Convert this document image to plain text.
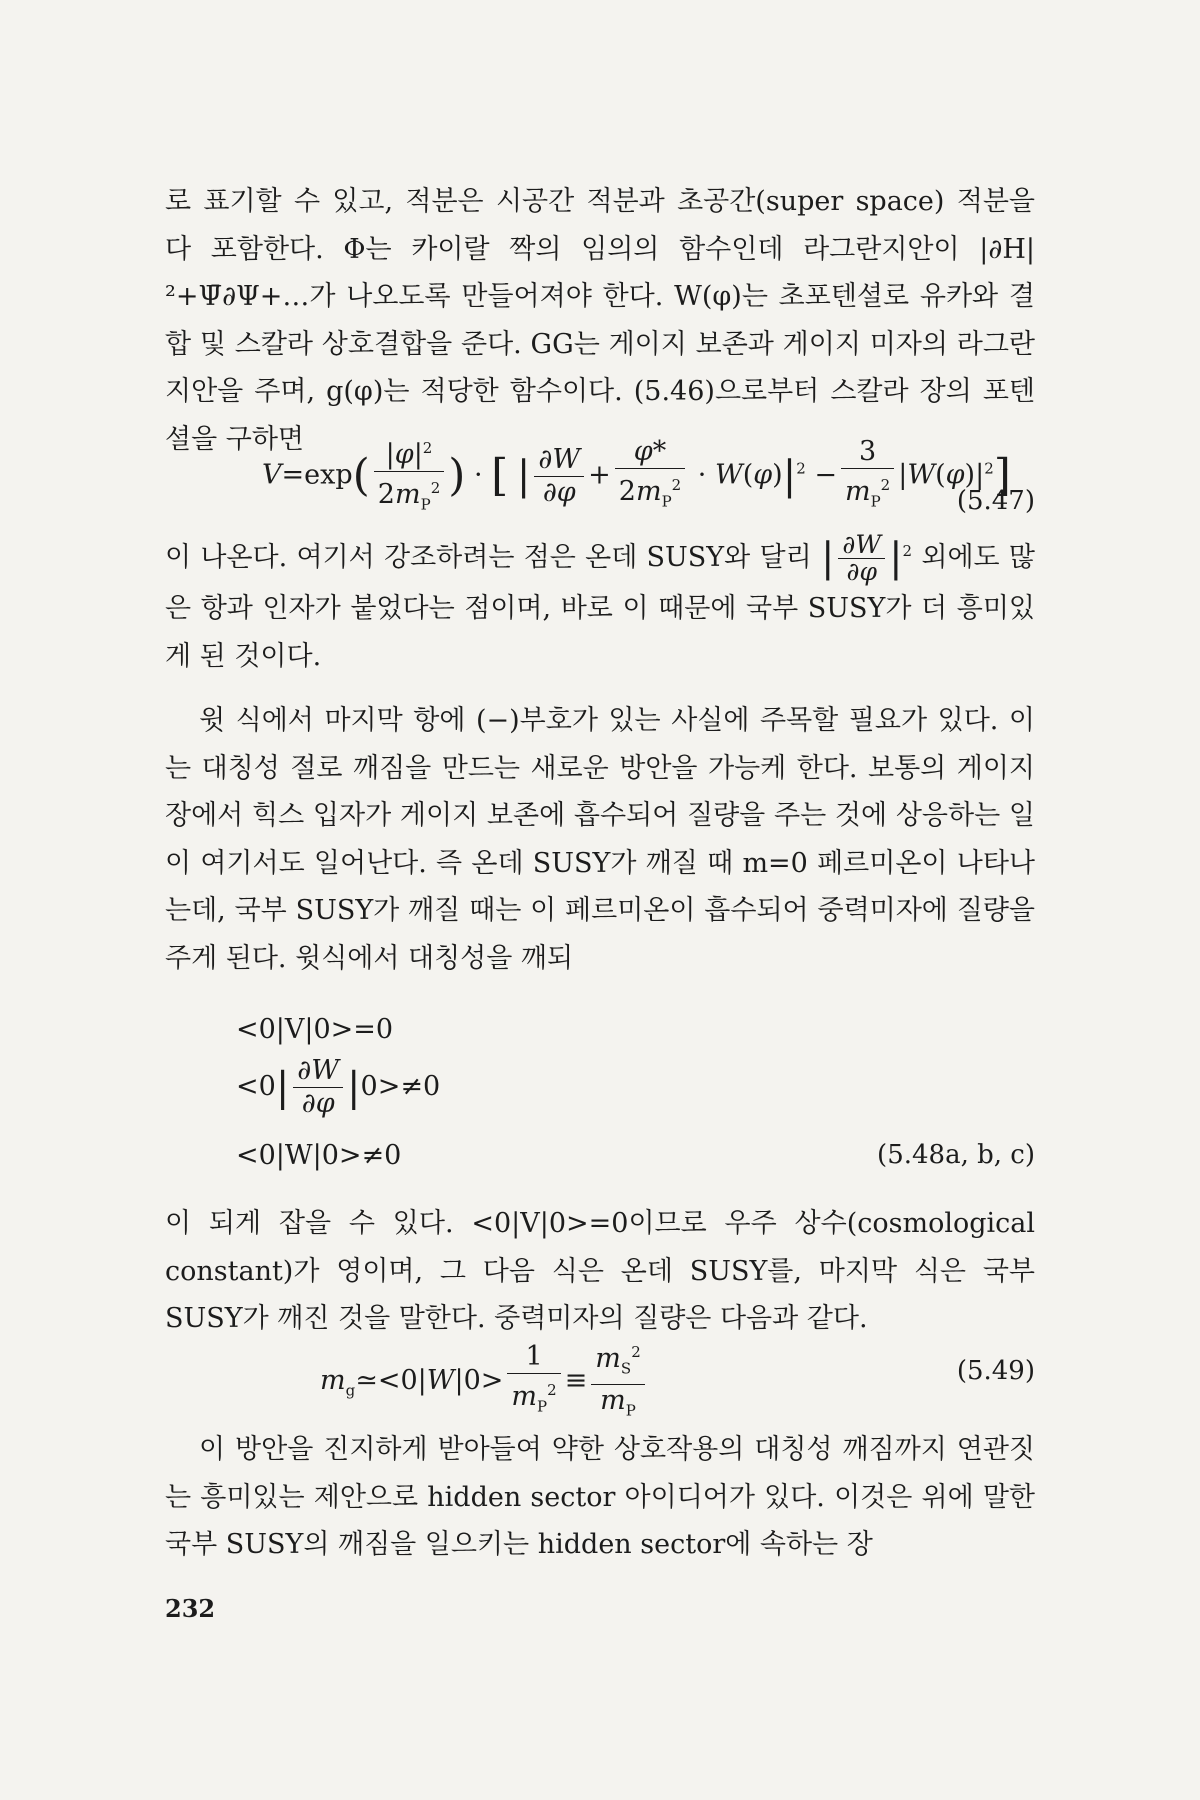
로 표기할 수 있고, 적분은 시공간 적분과 초공간(super space) 적분을 다 포함한다. Φ는 카이랄 짝의 임의의 함수인데 라그란지안이 |∂H|²+Ψ̄∂Ψ+…가 나오도록 만들어져야 한다. W(φ)는 초포텐셜로 유카와 결합 및 스칼라 상호결합을 준다. GG는 게이지 보존과 게이지 미자의 라그란지안을 주며, g(φ)는 적당한 함수이다. (5.46)으로부터 스칼라 장의 포텐셜을 구하면

$V=\exp( \frac{|\varphi|^2}{2m_P^2}$ ) · [ | $\frac{\partial W}{\partial\varphi} + \frac{\varphi*}{2m_P^2} \cdot W(\varphi)|^2 - \frac{3}{m_P^2} |W(\varphi)|^2$]
(5.47)

이 나온다. 여기서 강조하려는 점은 온데 SUSY와 달리 | $\frac{\partial W}{\partial\varphi} |^2$ 외에도 많은 항과 인자가 붙었다는 점이며, 바로 이 때문에 국부 SUSY가 더 흥미있게 된 것이다.

윗 식에서 마지막 항에 (−)부호가 있는 사실에 주목할 필요가 있다. 이는 대칭성 절로 깨짐을 만드는 새로운 방안을 가능케 한다. 보통의 게이지 장에서 힉스 입자가 게이지 보존에 흡수되어 질량을 주는 것에 상응하는 일이 여기서도 일어난다. 즉 온데 SUSY가 깨질 때 m=0 페르미온이 나타나는데, 국부 SUSY가 깨질 때는 이 페르미온이 흡수되어 중력미자에 질량을 주게 된다. 윗식에서 대칭성을 깨되

<0|V|0>=0
$<0| \frac{\partial W}{\partial\varphi} |0>\ne 0$
<0|W|0>≠0	(5.48a, b, c)

이 되게 잡을 수 있다. <0|V|0>=0이므로 우주 상수(cosmological constant)가 영이며, 그 다음 식은 온데 SUSY를, 마지막 식은 국부 SUSY가 깨진 것을 말한다. 중력미자의 질량은 다음과 같다.

$m_g≃<0|W|0> \frac{1}{m_P^2} \equiv \frac{m_S^2}{m_P}$	(5.49)

이 방안을 진지하게 받아들여 약한 상호작용의 대칭성 깨짐까지 연관짓는 흥미있는 제안으로 hidden sector 아이디어가 있다. 이것은 위에 말한 국부 SUSY의 깨짐을 일으키는 hidden sector에 속하는 장

232
